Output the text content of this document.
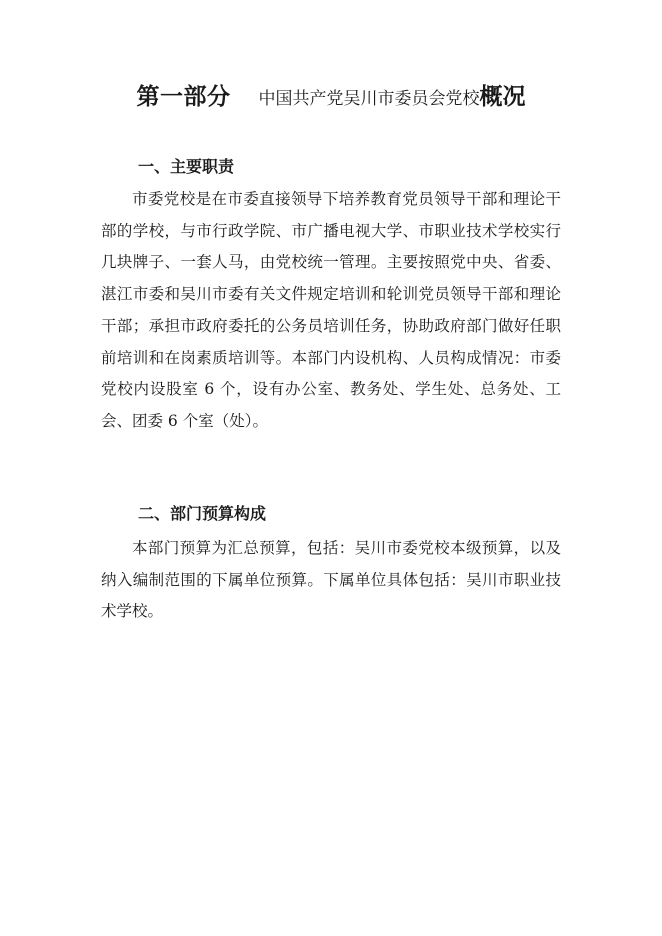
第一部分 中国共产党吴川市委员会党校概况
一、主要职责

市委党校是在市委直接领导下培养教育党员领导干部和理论干部的学校，与市行政学院、市广播电视大学、市职业技术学校实行几块牌子、一套人马，由党校统一管理。主要按照党中央、省委、湛江市委和吴川市委有关文件规定培训和轮训党员领导干部和理论干部；承担市政府委托的公务员培训任务，协助政府部门做好任职前培训和在岗素质培训等。本部门内设机构、人员构成情况：市委党校内设股室 6 个，设有办公室、教务处、学生处、总务处、工会、团委 6 个室（处）。

二、部门预算构成

本部门预算为汇总预算，包括：吴川市委党校本级预算，以及纳入编制范围的下属单位预算。下属单位具体包括：吴川市职业技术学校。
